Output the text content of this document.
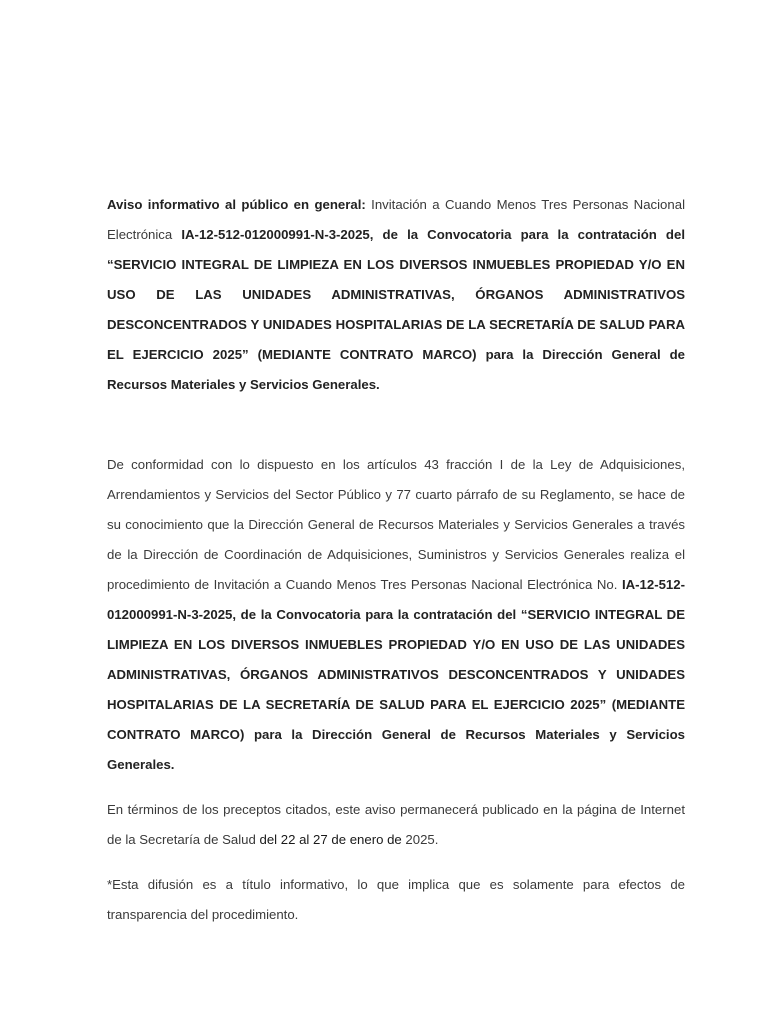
Aviso informativo al público en general: Invitación a Cuando Menos Tres Personas Nacional Electrónica IA-12-512-012000991-N-3-2025, de la Convocatoria para la contratación del “SERVICIO INTEGRAL DE LIMPIEZA EN LOS DIVERSOS INMUEBLES PROPIEDAD Y/O EN USO DE LAS UNIDADES ADMINISTRATIVAS, ÓRGANOS ADMINISTRATIVOS DESCONCENTRADOS Y UNIDADES HOSPITALARIAS DE LA SECRETARÍA DE SALUD PARA EL EJERCICIO 2025” (MEDIANTE CONTRATO MARCO) para la Dirección General de Recursos Materiales y Servicios Generales.

De conformidad con lo dispuesto en los artículos 43 fracción I de la Ley de Adquisiciones, Arrendamientos y Servicios del Sector Público y 77 cuarto párrafo de su Reglamento, se hace de su conocimiento que la Dirección General de Recursos Materiales y Servicios Generales a través de la Dirección de Coordinación de Adquisiciones, Suministros y Servicios Generales realiza el procedimiento de Invitación a Cuando Menos Tres Personas Nacional Electrónica No. IA-12-512-012000991-N-3-2025, de la Convocatoria para la contratación del “SERVICIO INTEGRAL DE LIMPIEZA EN LOS DIVERSOS INMUEBLES PROPIEDAD Y/O EN USO DE LAS UNIDADES ADMINISTRATIVAS, ÓRGANOS ADMINISTRATIVOS DESCONCENTRADOS Y UNIDADES HOSPITALARIAS DE LA SECRETARÍA DE SALUD PARA EL EJERCICIO 2025” (MEDIANTE CONTRATO MARCO) para la Dirección General de Recursos Materiales y Servicios Generales.

En términos de los preceptos citados, este aviso permanecerá publicado en la página de Internet de la Secretaría de Salud del 22 al 27 de enero de 2025.

*Esta difusión es a título informativo, lo que implica que es solamente para efectos de transparencia del procedimiento.
